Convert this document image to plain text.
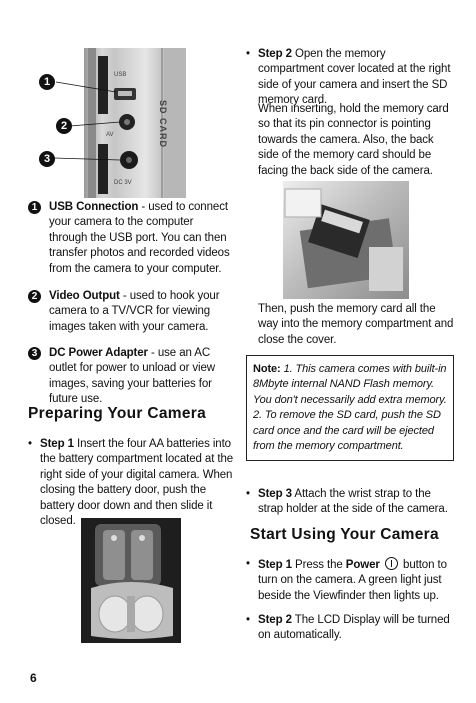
SD CARD
USB
AV
DC 3V
1
2
3
1	USB Connection - used to connect your camera to the computer through the USB port. You can then transfer photos and recorded videos from the camera to your computer.
2	Video Output - used to hook your camera to a TV/VCR for viewing images taken with your camera.
3	DC Power Adapter - use an AC outlet for power to unload or view images, saving your batteries for future use.
Preparing Your Camera
• Step 1 Insert the four AA batteries into the battery compartment located at the right side of your digital camera. When closing the battery door, push the battery door down and then slide it closed.
• Step 2 Open the memory compartment cover located at the right side of your camera and insert the SD memory card.
When inserting, hold the memory card so that its pin connector is pointing towards the camera. Also, the back side of the memory card should be facing the back side of the camera.
Then, push the memory card all the way into the memory compartment and close the cover.
Note: 1. This camera comes with built-in 8Mbyte internal NAND Flash memory. You don't necessarily add extra memory. 2. To remove the SD card, push the SD card once and the card will be ejected from the memory compartment.
• Step 3 Attach the wrist strap to the strap holder at the side of the camera.
Start Using Your Camera
• Step 1 Press the Power
button to turn on the camera. A green light just beside the Viewfinder then lights up.
• Step 2 The LCD Display will be turned on automatically.
6
